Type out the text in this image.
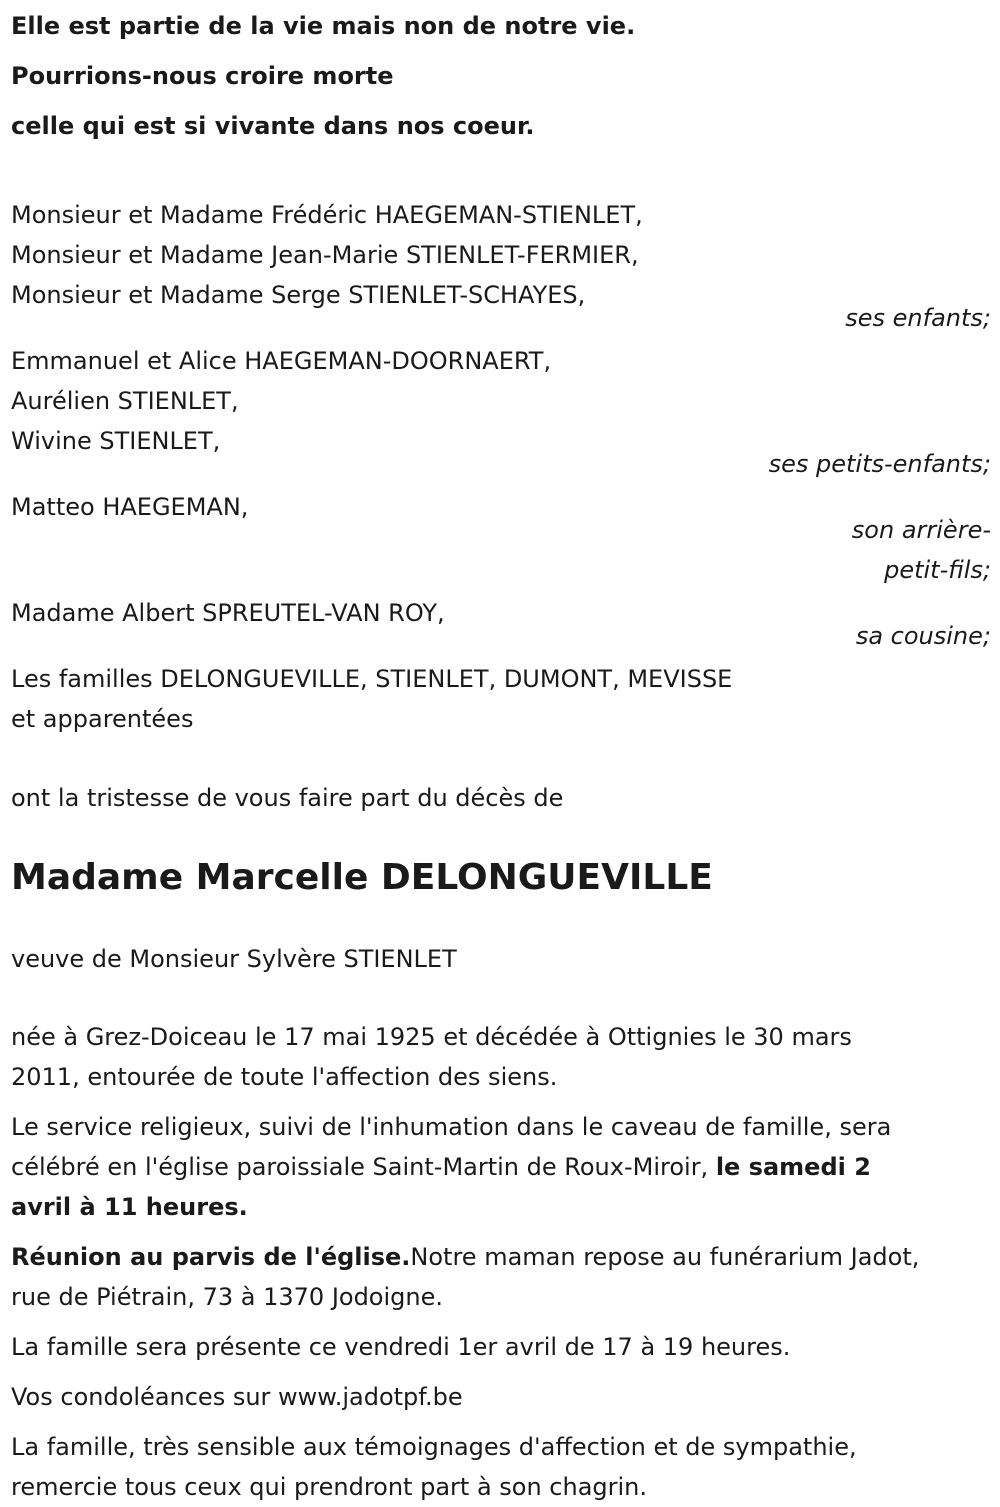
Elle est partie de la vie mais non de notre vie.
Pourrions-nous croire morte
celle qui est si vivante dans nos coeur.
Monsieur et Madame Frédéric HAEGEMAN-STIENLET,
Monsieur et Madame Jean-Marie STIENLET-FERMIER,
Monsieur et Madame Serge STIENLET-SCHAYES,
ses enfants;
Emmanuel et Alice HAEGEMAN-DOORNAERT,
Aurélien STIENLET,
Wivine STIENLET,
ses petits-enfants;
Matteo HAEGEMAN,
son arrière-
petit-fils;
Madame Albert SPREUTEL-VAN ROY,
sa cousine;
Les familles DELONGUEVILLE, STIENLET, DUMONT, MEVISSE
et apparentées
ont la tristesse de vous faire part du décès de
Madame Marcelle DELONGUEVILLE
veuve de Monsieur Sylvère STIENLET
née à Grez-Doiceau le 17 mai 1925 et décédée à Ottignies le 30 mars
2011, entourée de toute l'affection des siens.
Le service religieux, suivi de l'inhumation dans le caveau de famille, sera
célébré en l'église paroissiale Saint-Martin de Roux-Miroir, le samedi 2
avril à 11 heures.
Réunion au parvis de l'église.Notre maman repose au funérarium Jadot,
rue de Piétrain, 73 à 1370 Jodoigne.
La famille sera présente ce vendredi 1er avril de 17 à 19 heures.
Vos condoléances sur www.jadotpf.be
La famille, très sensible aux témoignages d'affection et de sympathie,
remercie tous ceux qui prendront part à son chagrin.
